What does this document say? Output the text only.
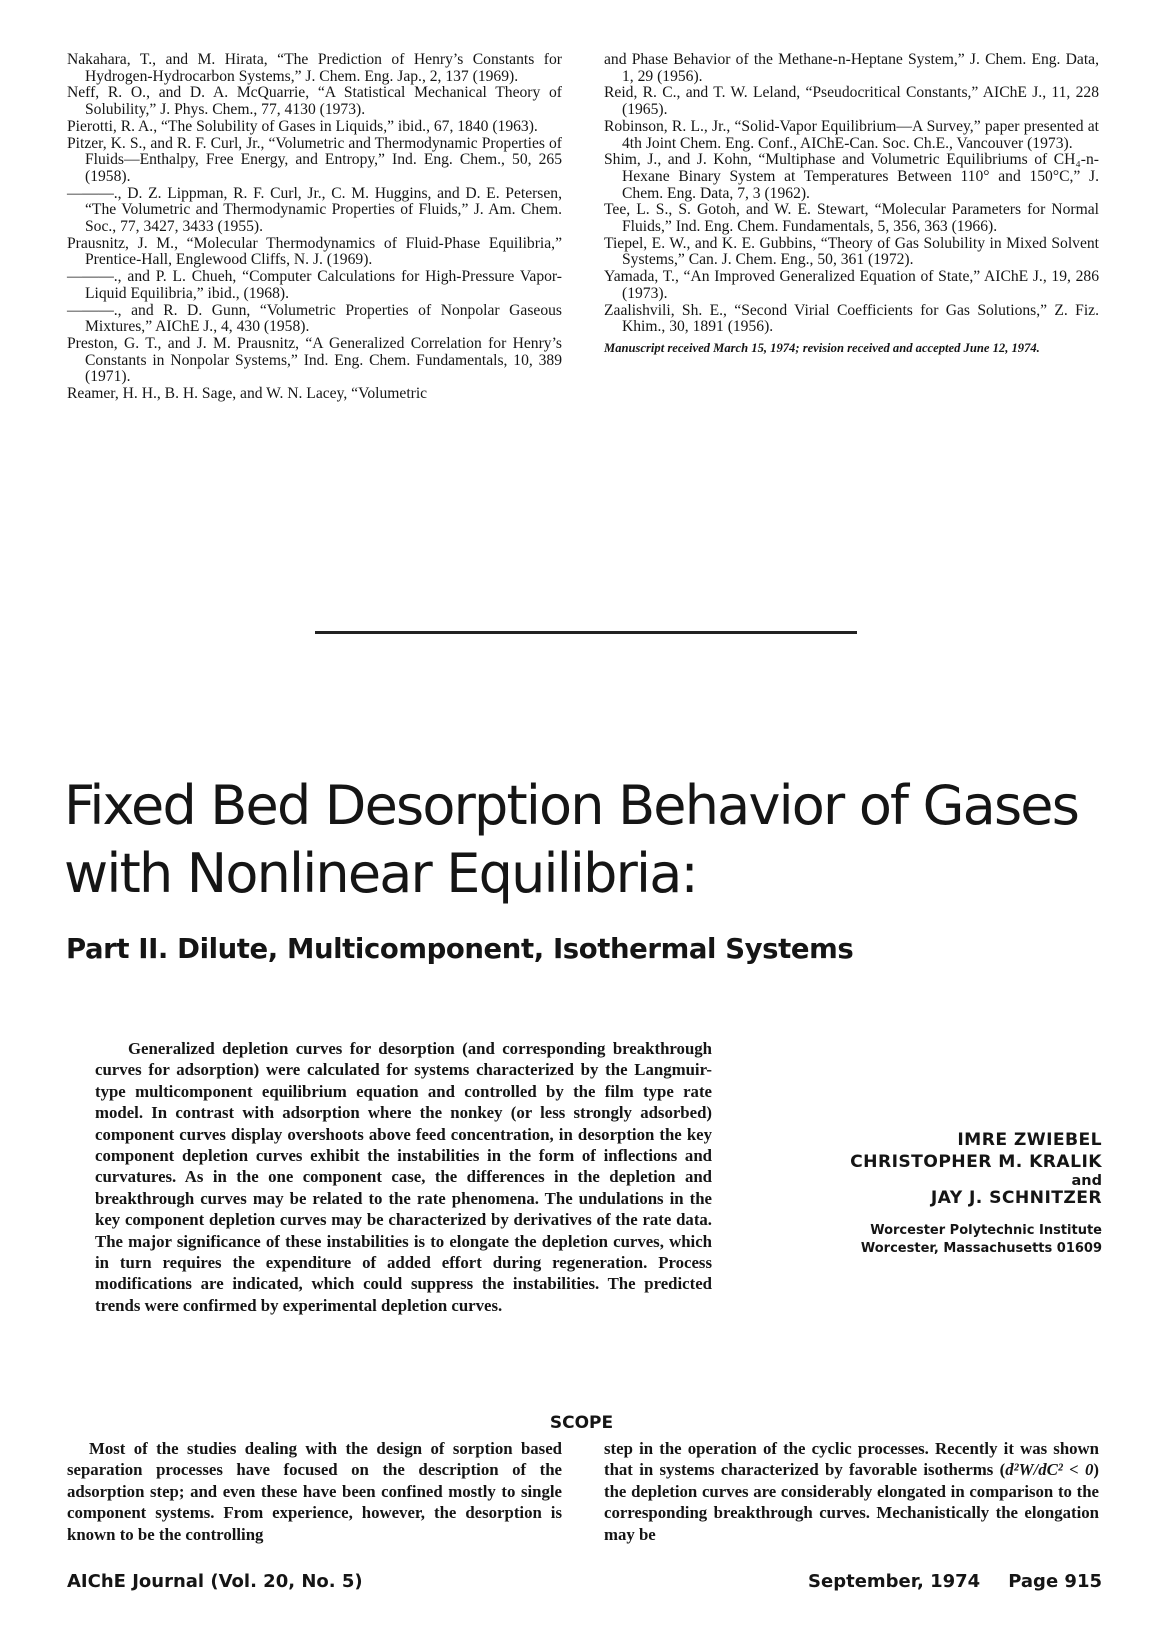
Nakahara, T., and M. Hirata, “The Prediction of Henry’s Constants for Hydrogen-Hydrocarbon Systems,” J. Chem. Eng. Jap., 2, 137 (1969).

Neff, R. O., and D. A. McQuarrie, “A Statistical Mechanical Theory of Solubility,” J. Phys. Chem., 77, 4130 (1973).

Pierotti, R. A., “The Solubility of Gases in Liquids,” ibid., 67, 1840 (1963).

Pitzer, K. S., and R. F. Curl, Jr., “Volumetric and Thermodynamic Properties of Fluids—Enthalpy, Free Energy, and Entropy,” Ind. Eng. Chem., 50, 265 (1958).

———., D. Z. Lippman, R. F. Curl, Jr., C. M. Huggins, and D. E. Petersen, “The Volumetric and Thermodynamic Properties of Fluids,” J. Am. Chem. Soc., 77, 3427, 3433 (1955).

Prausnitz, J. M., “Molecular Thermodynamics of Fluid-Phase Equilibria,” Prentice-Hall, Englewood Cliffs, N. J. (1969).

———., and P. L. Chueh, “Computer Calculations for High-Pressure Vapor-Liquid Equilibria,” ibid., (1968).

———., and R. D. Gunn, “Volumetric Properties of Nonpolar Gaseous Mixtures,” AIChE J., 4, 430 (1958).

Preston, G. T., and J. M. Prausnitz, “A Generalized Correlation for Henry’s Constants in Nonpolar Systems,” Ind. Eng. Chem. Fundamentals, 10, 389 (1971).

Reamer, H. H., B. H. Sage, and W. N. Lacey, “Volumetric

and Phase Behavior of the Methane-n-Heptane System,” J. Chem. Eng. Data, 1, 29 (1956).

Reid, R. C., and T. W. Leland, “Pseudocritical Constants,” AIChE J., 11, 228 (1965).

Robinson, R. L., Jr., “Solid-Vapor Equilibrium—A Survey,” paper presented at 4th Joint Chem. Eng. Conf., AIChE-Can. Soc. Ch.E., Vancouver (1973).

Shim, J., and J. Kohn, “Multiphase and Volumetric Equilibriums of CH₄-n-Hexane Binary System at Temperatures Between 110° and 150°C,” J. Chem. Eng. Data, 7, 3 (1962).

Tee, L. S., S. Gotoh, and W. E. Stewart, “Molecular Parameters for Normal Fluids,” Ind. Eng. Chem. Fundamentals, 5, 356, 363 (1966).

Tiepel, E. W., and K. E. Gubbins, “Theory of Gas Solubility in Mixed Solvent Systems,” Can. J. Chem. Eng., 50, 361 (1972).

Yamada, T., “An Improved Generalized Equation of State,” AIChE J., 19, 286 (1973).

Zaalishvili, Sh. E., “Second Virial Coefficients for Gas Solutions,” Z. Fiz. Khim., 30, 1891 (1956).

Manuscript received March 15, 1974; revision received and accepted June 12, 1974.

Fixed Bed Desorption Behavior of Gases
with Nonlinear Equilibria:
Part II. Dilute, Multicomponent, Isothermal Systems

Generalized depletion curves for desorption (and corresponding breakthrough curves for adsorption) were calculated for systems characterized by the Langmuir-type multicomponent equilibrium equation and controlled by the film type rate model. In contrast with adsorption where the nonkey (or less strongly adsorbed) component curves display overshoots above feed concentration, in desorption the key component depletion curves exhibit the instabilities in the form of inflections and curvatures. As in the one component case, the differences in the depletion and breakthrough curves may be related to the rate phenomena. The undulations in the key component depletion curves may be characterized by derivatives of the rate data. The major significance of these instabilities is to elongate the depletion curves, which in turn requires the expenditure of added effort during regeneration. Process modifications are indicated, which could suppress the instabilities. The predicted trends were confirmed by experimental depletion curves.

IMRE ZWIEBEL
CHRISTOPHER M. KRALIK
and
JAY J. SCHNITZER
Worcester Polytechnic Institute
Worcester, Massachusetts 01609
SCOPE

Most of the studies dealing with the design of sorption based separation processes have focused on the description of the adsorption step; and even these have been confined mostly to single component systems. From experience, however, the desorption is known to be the controlling

step in the operation of the cyclic processes. Recently it was shown that in systems characterized by favorable isotherms (d²W/dC² < 0) the depletion curves are considerably elongated in comparison to the corresponding breakthrough curves. Mechanistically the elongation may be

AIChE Journal (Vol. 20, No. 5)	September, 1974 Page 915
